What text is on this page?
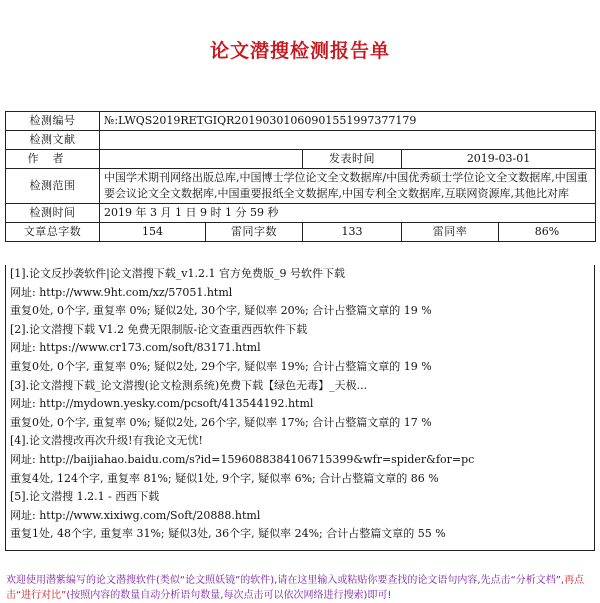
论文潜搜检测报告单
检测编号	№:LWQS2019RETGIQR20190301060901551997377179				
检测文献					
作者			发表时间	2019-03-01	
检测范围	中国学术期刊网络出版总库,中国博士学位论文全文数据库/中国优秀硕士学位论文全文数据库,中国重要会议论文全文数据库,中国重要报纸全文数据库,中国专利全文数据库,互联网资源库,其他比对库				
检测时间	2019 年 3 月 1 日 9 时 1 分 59 秒				
文章总字数	154	雷同字数	133	雷同率	86%
[1].论文反抄袭软件|论文潜搜下载_v1.2.1 官方免费版_9 号软件下载
网址: http://www.9ht.com/xz/57051.html
重复0处, 0个字, 重复率 0%; 疑似2处, 30个字, 疑似率 20%; 合计占整篇文章的 19 %
[2].论文潜搜下载 V1.2 免费无限制版-论文查重西西软件下载
网址: https://www.cr173.com/soft/83171.html
重复0处, 0个字, 重复率 0%; 疑似2处, 29个字, 疑似率 19%; 合计占整篇文章的 19 %
[3].论文潜搜下载_论文潜搜(论文检测系统)免费下载【绿色无毒】_天极...
网址: http://mydown.yesky.com/pcsoft/413544192.html
重复0处, 0个字, 重复率 0%; 疑似2处, 26个字, 疑似率 17%; 合计占整篇文章的 17 %
[4].论文潜搜改再次升级!有我论文无忧!
网址: http://baijiahao.baidu.com/s?id=1596088384106715399&wfr=spider&for=pc
重复4处, 124个字, 重复率 81%; 疑似1处, 9个字, 疑似率 6%; 合计占整篇文章的 86 %
[5].论文潜搜 1.2.1 - 西西下载
网址: http://www.xixiwg.com/Soft/20888.html
重复1处, 48个字, 重复率 31%; 疑似3处, 36个字, 疑似率 24%; 合计占整篇文章的 55 %
欢迎使用潜紫编写的论文潜搜软件(类似“论文照妖镜”的软件),请在这里输入或粘贴你要查找的论文语句内容,先点击“分析文档”,再点击“进行对比”(按照内容的数量自动分析语句数量,每次点击可以依次网络进行搜索)即可!
